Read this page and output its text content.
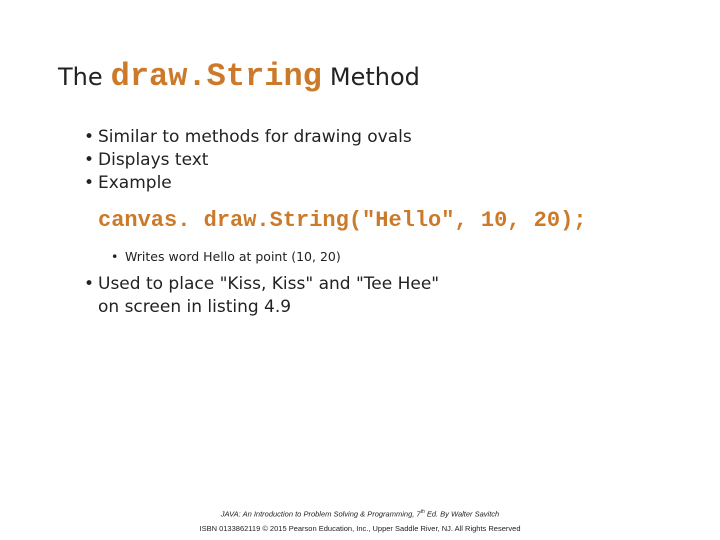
The draw.String Method
• Similar to methods for drawing ovals
• Displays text
• Example
canvas. draw.String("Hello", 10, 20);
• Writes word Hello at point (10, 20)
• Used to place "Kiss, Kiss" and "Tee Hee" on screen in listing 4.9
JAVA: An Introduction to Problem Solving & Programming, 7th Ed. By Walter Savitch
ISBN 0133862119 © 2015 Pearson Education, Inc., Upper Saddle River, NJ. All Rights Reserved
